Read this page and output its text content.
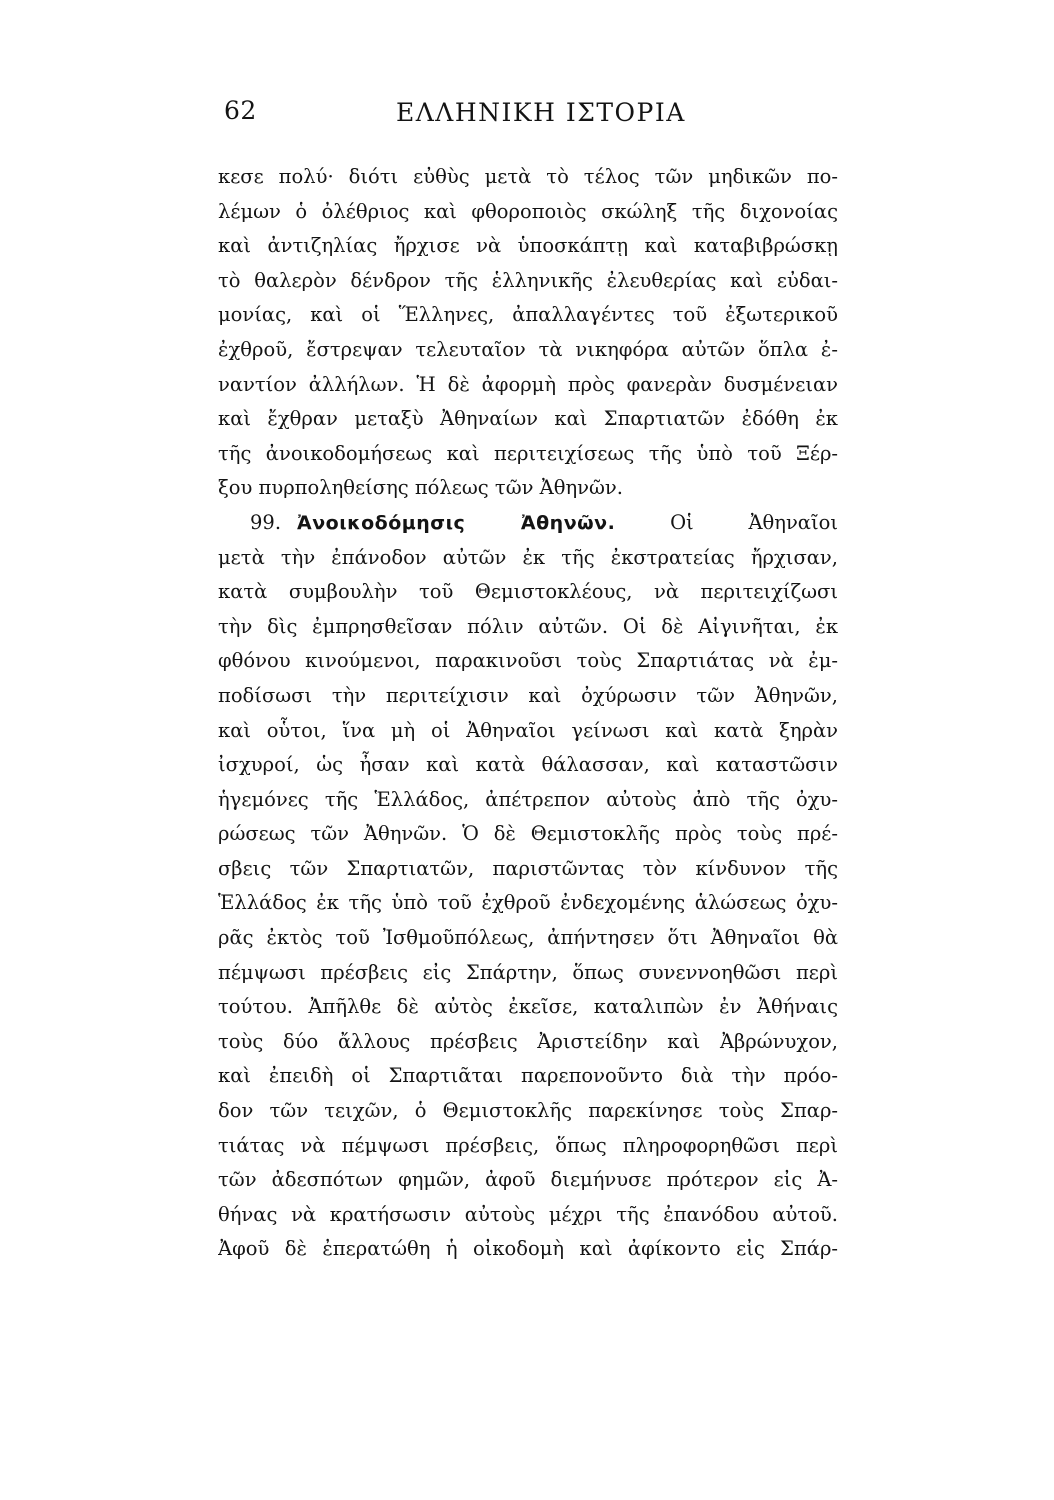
62	ΕΛΛΗΝΙΚΗ ΙΣΤΟΡΙΑ
κεσε πολύ· διότι εὐθὺς μετὰ τὸ τέλος τῶν μηδικῶν πο-
λέμων ὁ ὀλέθριος καὶ φθοροποιὸς σκώληξ τῆς διχονοίας
καὶ ἀντιζηλίας ἤρχισε νὰ ὑποσκάπτῃ καὶ καταβιβρώσκῃ
τὸ θαλερὸν δένδρον τῆς ἑλληνικῆς ἐλευθερίας καὶ εὐδαι-
μονίας, καὶ οἱ Ἕλληνες, ἀπαλλαγέντες τοῦ ἐξωτερικοῦ
ἐχθροῦ, ἔστρεψαν τελευταῖον τὰ νικηφόρα αὐτῶν ὅπλα ἐ-
ναντίον ἀλλήλων. Ἡ δὲ ἀφορμὴ πρὸς φανερὰν δυσμένειαν
καὶ ἔχθραν μεταξὺ Ἀθηναίων καὶ Σπαρτιατῶν ἐδόθη ἐκ
τῆς ἀνοικοδομήσεως καὶ περιτειχίσεως τῆς ὑπὸ τοῦ Ξέρ-
ξου πυρποληθείσης πόλεως τῶν Ἀθηνῶν.
99. Ἀνοικοδόμησις Ἀθηνῶν.	Οἱ Ἀθηναῖοι
μετὰ τὴν ἐπάνοδον αὐτῶν ἐκ τῆς ἐκστρατείας ἤρχισαν,
κατὰ συμβουλὴν τοῦ Θεμιστοκλέους, νὰ περιτειχίζωσι
τὴν δὶς ἐμπρησθεῖσαν πόλιν αὐτῶν. Οἱ δὲ Αἰγινῆται, ἐκ
φθόνου κινούμενοι, παρακινοῦσι τοὺς Σπαρτιάτας νὰ ἐμ-
ποδίσωσι τὴν περιτείχισιν καὶ ὀχύρωσιν τῶν Ἀθηνῶν,
καὶ οὗτοι, ἵνα μὴ οἱ Ἀθηναῖοι γείνωσι καὶ κατὰ ξηρὰν
ἰσχυροί, ὡς ἦσαν καὶ κατὰ θάλασσαν, καὶ καταστῶσιν
ἡγεμόνες τῆς Ἑλλάδος, ἀπέτρεπον αὐτοὺς ἀπὸ τῆς ὀχυ-
ρώσεως τῶν Ἀθηνῶν. Ὁ δὲ Θεμιστοκλῆς πρὸς τοὺς πρέ-
σβεις τῶν Σπαρτιατῶν, παριστῶντας τὸν κίνδυνον τῆς
Ἑλλάδος ἐκ τῆς ὑπὸ τοῦ ἐχθροῦ ἐνδεχομένης ἁλώσεως ὀχυ-
ρᾶς ἐκτὸς τοῦ Ἰσθμοῦπόλεως, ἀπήντησεν ὅτι Ἀθηναῖοι θὰ
πέμψωσι πρέσβεις εἰς Σπάρτην, ὅπως συνεννοηθῶσι περὶ
τούτου. Ἀπῆλθε δὲ αὐτὸς ἐκεῖσε, καταλιπὼν ἐν Ἀθήναις
τοὺς δύο ἄλλους πρέσβεις Ἀριστείδην καὶ Ἀβρώνυχον,
καὶ ἐπειδὴ οἱ Σπαρτιᾶται παρεπονοῦντο διὰ τὴν πρόο-
δον τῶν τειχῶν, ὁ Θεμιστοκλῆς παρεκίνησε τοὺς Σπαρ-
τιάτας νὰ πέμψωσι πρέσβεις, ὅπως πληροφορηθῶσι περὶ
τῶν ἀδεσπότων φημῶν, ἀφοῦ διεμήνυσε πρότερον εἰς Ἀ-
θήνας νὰ κρατήσωσιν αὐτοὺς μέχρι τῆς ἐπανόδου αὐτοῦ.
Ἀφοῦ δὲ ἐπερατώθη ἡ οἰκοδομὴ καὶ ἀφίκοντο εἰς Σπάρ-
